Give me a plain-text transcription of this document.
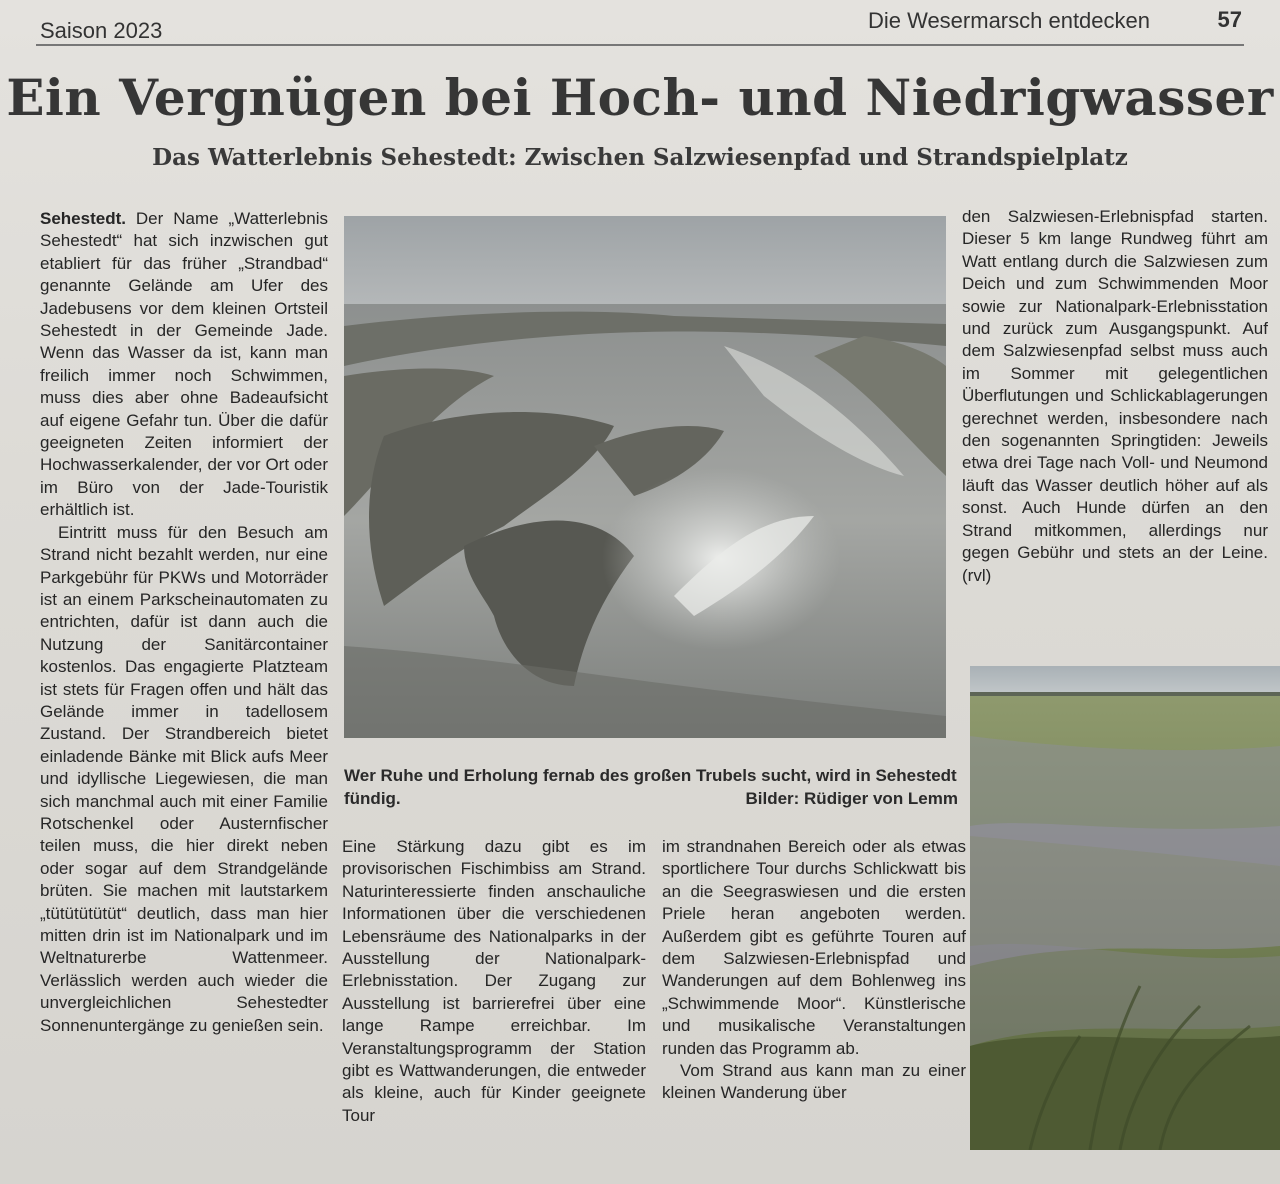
Saison 2023	Die Wesermarsch entdecken	57
Ein Vergnügen bei Hoch- und Niedrigwasser
Das Watterlebnis Sehestedt: Zwischen Salzwiesenpfad und Strandspielplatz

Sehestedt. Der Name „Watterlebnis Sehestedt“ hat sich inzwischen gut etabliert für das früher „Strandbad“ genannte Gelände am Ufer des Jadebusens vor dem kleinen Ortsteil Sehestedt in der Gemeinde Jade. Wenn das Wasser da ist, kann man freilich immer noch Schwimmen, muss dies aber ohne Badeaufsicht auf eigene Gefahr tun. Über die dafür geeigneten Zeiten informiert der Hochwasserkalender, der vor Ort oder im Büro von der Jade-Touristik erhältlich ist.

Eintritt muss für den Besuch am Strand nicht bezahlt werden, nur eine Parkgebühr für PKWs und Motorräder ist an einem Parkscheinautomaten zu entrichten, dafür ist dann auch die Nutzung der Sanitärcontainer kostenlos. Das engagierte Platzteam ist stets für Fragen offen und hält das Gelände immer in tadellosem Zustand. Der Strandbereich bietet einladende Bänke mit Blick aufs Meer und idyllische Liegewiesen, die man sich manchmal auch mit einer Familie Rotschenkel oder Austernfischer teilen muss, die hier direkt neben oder sogar auf dem Strandgelände brüten. Sie machen mit lautstarkem „tütütütütüt“ deutlich, dass man hier mitten drin ist im Nationalpark und im Weltnaturerbe Wattenmeer. Verlässlich werden auch wieder die unvergleichlichen Sehestedter Sonnenuntergänge zu genießen sein.

Wer Ruhe und Erholung fernab des großen Trubels sucht, wird in Sehestedt fündig.	Bilder: Rüdiger von Lemm

Eine Stärkung dazu gibt es im provisorischen Fischimbiss am Strand. Naturinteressierte finden anschauliche Informationen über die verschiedenen Lebensräume des Nationalparks in der Ausstellung der Nationalpark-Erlebnisstation. Der Zugang zur Ausstellung ist barrierefrei über eine lange Rampe erreichbar. Im Veranstaltungsprogramm der Station gibt es Wattwanderungen, die entweder als kleine, auch für Kinder geeignete Tour

im strandnahen Bereich oder als etwas sportlichere Tour durchs Schlickwatt bis an die Seegraswiesen und die ersten Priele heran angeboten werden. Außerdem gibt es geführte Touren auf dem Salzwiesen-Erlebnispfad und Wanderungen auf dem Bohlenweg ins „Schwimmende Moor“. Künstlerische und musikalische Veranstaltungen runden das Programm ab.

Vom Strand aus kann man zu einer kleinen Wanderung über

den Salzwiesen-Erlebnispfad starten. Dieser 5 km lange Rundweg führt am Watt entlang durch die Salzwiesen zum Deich und zum Schwimmenden Moor sowie zur Nationalpark-Erlebnisstation und zurück zum Ausgangspunkt. Auf dem Salzwiesenpfad selbst muss auch im Sommer mit gelegentlichen Überflutungen und Schlickablagerungen gerechnet werden, insbesondere nach den sogenannten Springtiden: Jeweils etwa drei Tage nach Voll- und Neumond läuft das Wasser deutlich höher auf als sonst. Auch Hunde dürfen an den Strand mitkommen, allerdings nur gegen Gebühr und stets an der Leine. (rvl)
